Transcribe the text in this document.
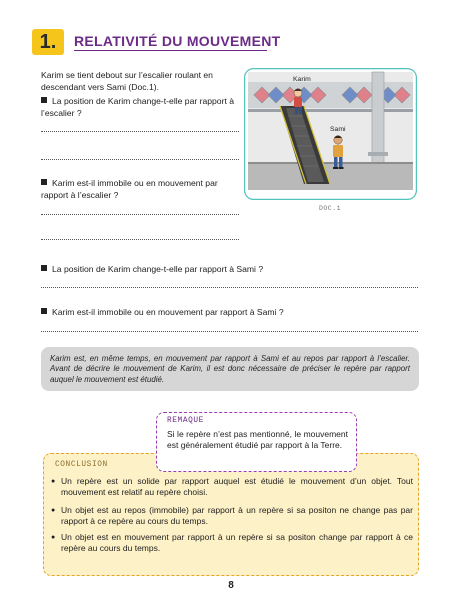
1. RELATIVITÉ DU MOUVEMENT
Karim se tient debout sur l’escalier roulant en descendant vers Sami (Doc.1).
La position de Karim change-t-elle par rapport à l’escalier ?
Karim est-il immobile ou en mouvement par rapport à l’escalier ?
La position de Karim change-t-elle par rapport à Sami ?
Karim est-il immobile ou en mouvement par rapport à Sami ?
Karim
Sami
DOC.1
Karim est, en même temps, en mouvement par rapport à Sami et au repos par rapport à l’escalier. Avant de décrire le mouvement de Karim, il est donc nécessaire de préciser le repère par rapport auquel le mouvement est étudié.
CONCLUSION
● Un repère est un solide par rapport auquel est étudié le mouvement d’un objet. Tout mouvement est relatif au repère choisi.
● Un objet est au repos (immobile) par rapport à un repère si sa positon ne change pas par rapport à ce repère au cours du temps.
● Un objet est en mouvement par rapport à un repère si sa positon change par rapport à ce repère au cours du temps.
REMAQUE
Si le repère n’est pas mentionné, le mouvement est généralement étudié par rapport à la Terre.
8
